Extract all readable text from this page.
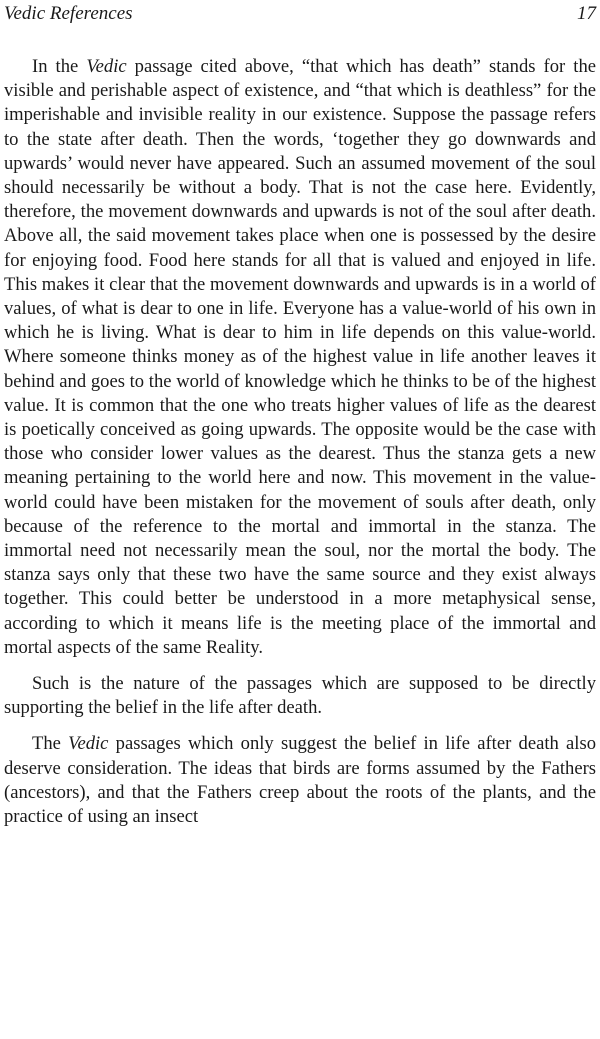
Vedic References	17

In the Vedic passage cited above, “that which has death” stands for the visible and perishable aspect of existence, and “that which is deathless” for the imperishable and invisible reality in our existence. Suppose the passage refers to the state after death. Then the words, ‘together they go downwards and upwards’ would never have appeared. Such an assumed movement of the soul should necessarily be without a body. That is not the case here. Evidently, therefore, the movement downwards and upwards is not of the soul after death. Above all, the said movement takes place when one is possessed by the desire for enjoying food. Food here stands for all that is valued and enjoyed in life. This makes it clear that the movement downwards and upwards is in a world of values, of what is dear to one in life. Everyone has a value-world of his own in which he is living. What is dear to him in life depends on this value-world. Where someone thinks money as of the highest value in life another leaves it behind and goes to the world of knowledge which he thinks to be of the highest value. It is common that the one who treats higher values of life as the dearest is poetically conceived as going upwards. The opposite would be the case with those who consider lower values as the dearest. Thus the stanza gets a new meaning pertaining to the world here and now. This movement in the value-world could have been mistaken for the movement of souls after death, only because of the reference to the mortal and immortal in the stanza. The immortal need not necessarily mean the soul, nor the mortal the body. The stanza says only that these two have the same source and they exist always together. This could better be understood in a more metaphysical sense, according to which it means life is the meeting place of the immortal and mortal aspects of the same Reality.

Such is the nature of the passages which are supposed to be directly supporting the belief in the life after death.

The Vedic passages which only suggest the belief in life after death also deserve consideration. The ideas that birds are forms assumed by the Fathers (ancestors), and that the Fathers creep about the roots of the plants, and the practice of using an insect
